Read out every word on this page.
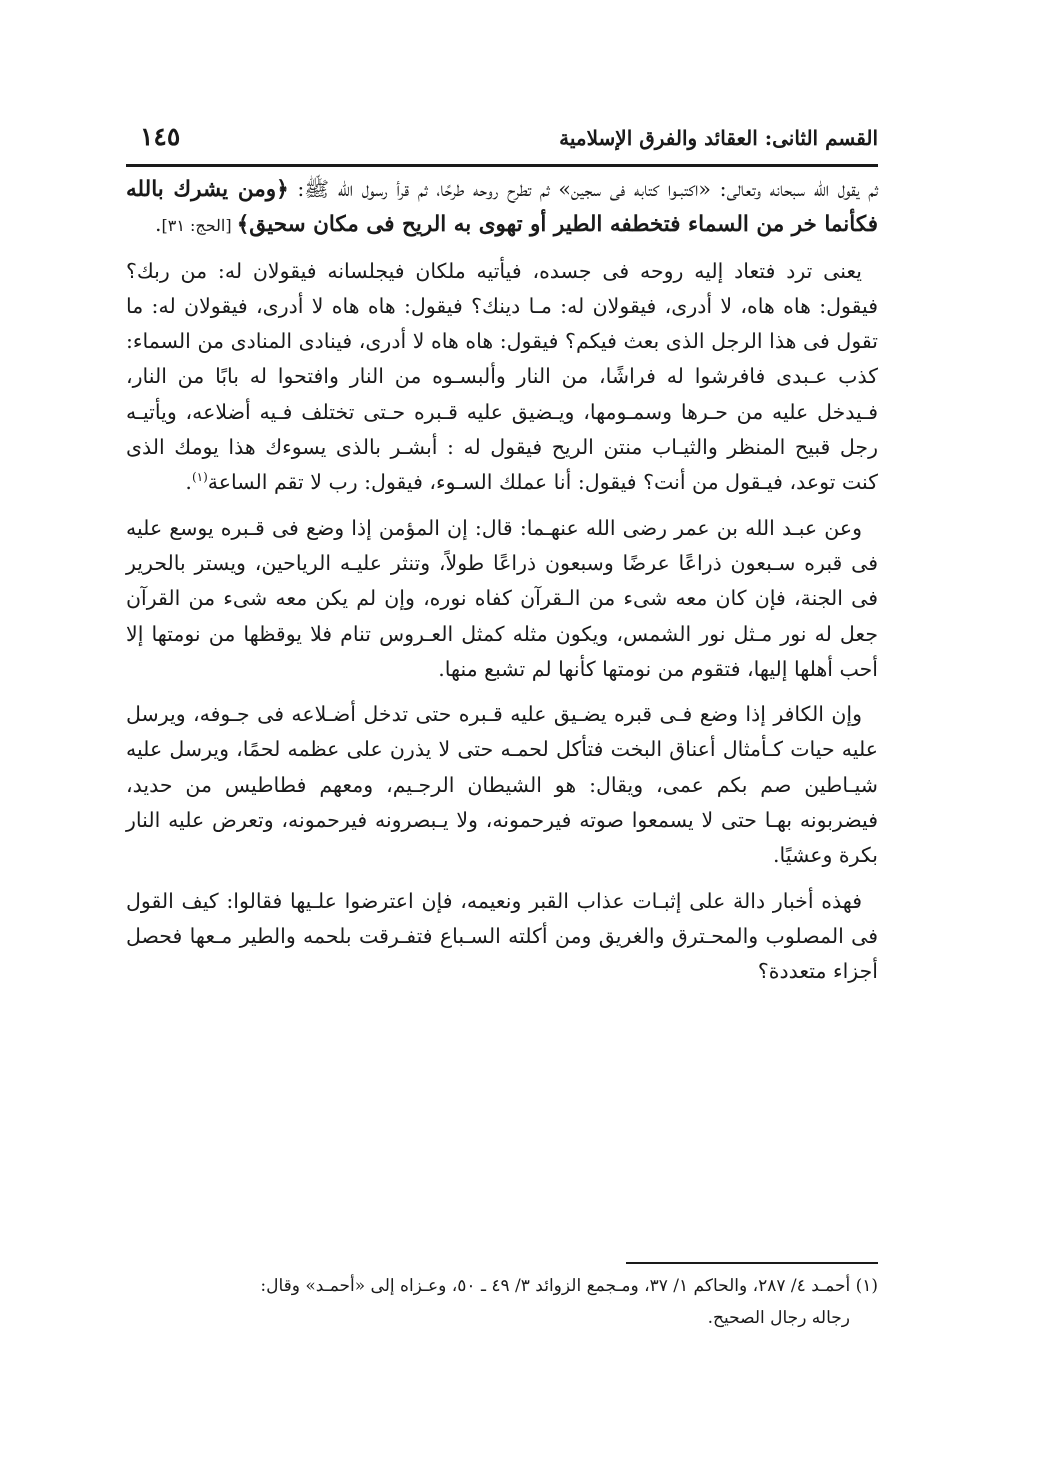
القسم الثانى: العقائد والفرق الإسلامية
١٤٥

ثم يقول الله سبحانه وتعالى: «اكتبـوا كتابه فى سجين» ثم تطرح روحه طرحًا، ثم قرأ رسول الله ﷺ: ﴿ومن يشرك بالله فكأنما خر من السماء فتخطفه الطير أو تهوى به الريح فى مكان سحيق﴾ [الحج: ٣١].

يعنى ترد فتعاد إليه روحه فى جسده، فيأتيه ملكان فيجلسانه فيقولان له: من ربك؟ فيقول: هاه هاه، لا أدرى، فيقولان له: مـا دينك؟ فيقول: هاه هاه لا أدرى، فيقولان له: ما تقول فى هذا الرجل الذى بعث فيكم؟ فيقول: هاه هاه لا أدرى، فينادى المنادى من السماء: كذب عـبدى فافرشوا له فراشًا، من النار وألبسـوه من النار وافتحوا له بابًا من النار، فـيدخل عليه من حـرها وسمـومها، ويـضيق عليه قـبره حـتى تختلف فـيه أضلاعه، ويأتيـه رجل قبيح المنظر والثيـاب منتن الريح فيقول له : أبشـر بالذى يسوءك هذا يومك الذى كنت توعد، فيـقول من أنت؟ فيقول: أنا عملك السـوء، فيقول: رب لا تقم الساعة$^{(١)}$.

وعن عبـد الله بن عمر رضى الله عنهـما: قال: إن المؤمن إذا وضع فى قـبره يوسع عليه فى قبره سـبعون ذراعًا عرضًا وسبعون ذراعًا طولاً، وتنثر عليـه الرياحين، ويستر بالحرير فى الجنة، فإن كان معه شىء من الـقرآن كفاه نوره، وإن لم يكن معه شىء من القرآن جعل له نور مـثل نور الشمس، ويكون مثله كمثل العـروس تنام فلا يوقظها من نومتها إلا أحب أهلها إليها، فتقوم من نومتها كأنها لم تشبع منها.

وإن الكافر إذا وضع فـى قبره يضـيق عليه قـبره حتى تدخل أضـلاعه فى جـوفه، ويرسل عليه حيات كـأمثال أعناق البخت فتأكل لحمـه حتى لا يذرن على عظمه لحمًا، ويرسل عليه شيـاطين صم بكم عمى، ويقال: هو الشيطان الرجـيم، ومعهم فطاطيس من حديد، فيضربونه بهـا حتى لا يسمعوا صوته فيرحمونه، ولا يـبصرونه فيرحمونه، وتعرض عليه النار بكرة وعشيًا.

فهذه أخبار دالة على إثبـات عذاب القبر ونعيمه، فإن اعترضوا علـيها فقالوا: كيف القول فى المصلوب والمحـترق والغريق ومن أكلته السـباع فتفـرقت بلحمه والطير مـعها فحصل أجزاء متعددة؟

(١) أحمـد ٤/ ٢٨٧، والحاكم ١/ ٣٧، ومـجمع الزوائد ٣/ ٤٩ ـ ٥٠، وعـزاه إلى «أحمـد» وقال:

رجاله رجال الصحيح.
